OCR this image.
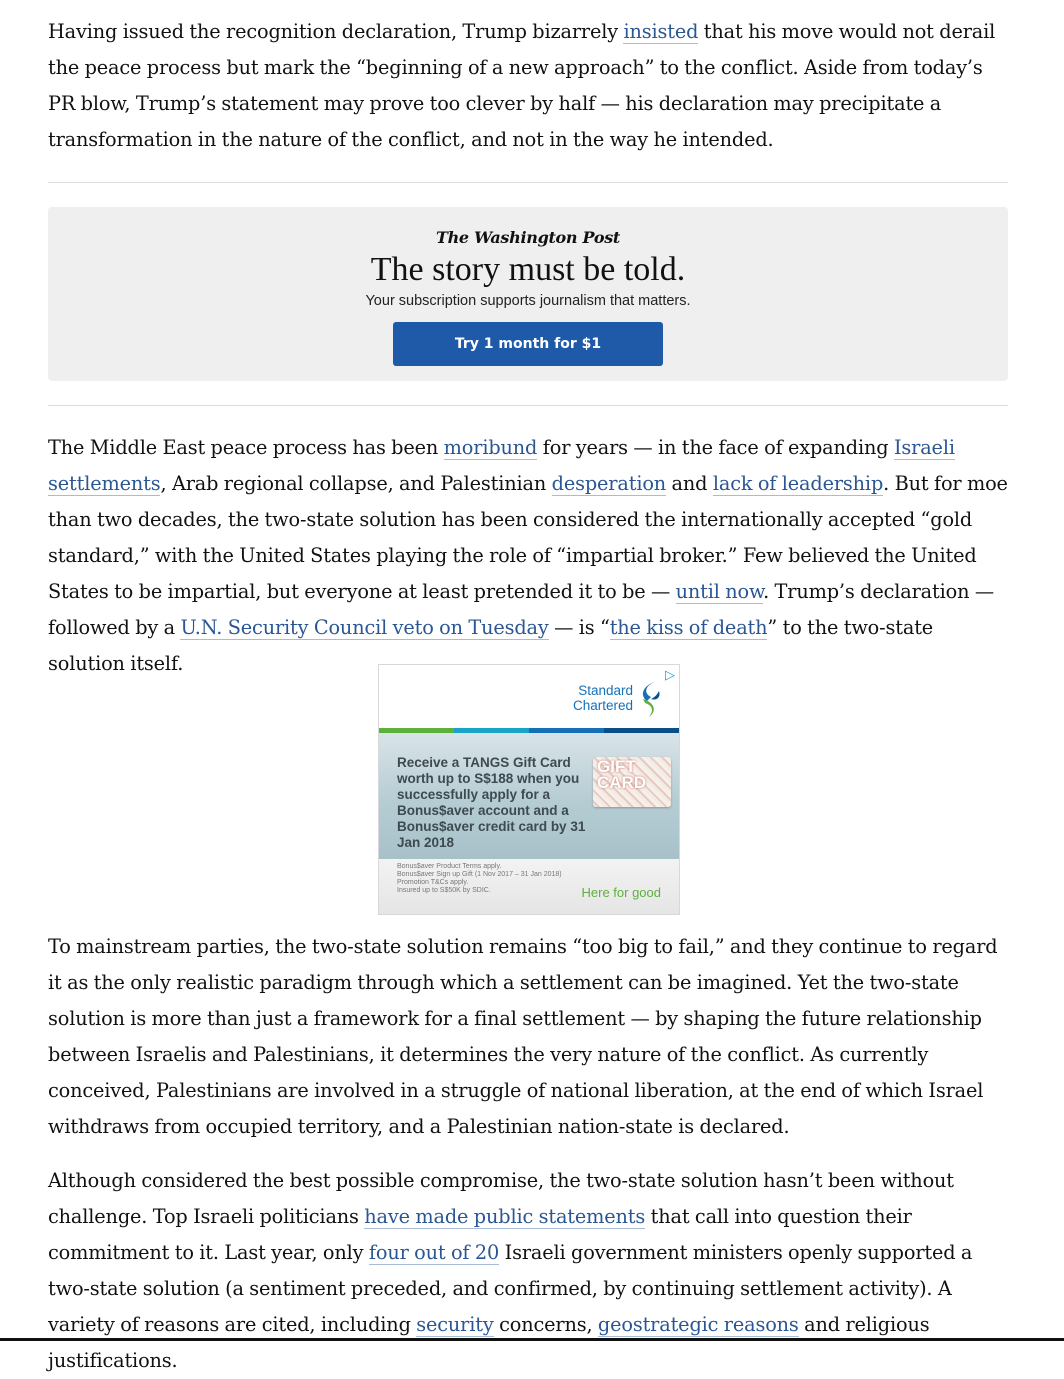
Having issued the recognition declaration, Trump bizarrely insisted that his move would not derail the peace process but mark the “beginning of a new approach” to the conflict. Aside from today’s PR blow, Trump’s statement may prove too clever by half — his declaration may precipitate a transformation in the nature of the conflict, and not in the way he intended.

The Washington Post
The story must be told.
Your subscription supports journalism that matters.
Try 1 month for $1

The Middle East peace process has been moribund for years — in the face of expanding Israeli settlements, Arab regional collapse, and Palestinian desperation and lack of leadership. But for moe than two decades, the two-state solution has been considered the internationally accepted “gold standard,” with the United States playing the role of “impartial broker.” Few believed the United States to be impartial, but everyone at least pretended it to be — until now. Trump’s declaration — followed by a U.N. Security Council veto on Tuesday — is “the kiss of death” to the two-state solution itself.	▷
Standard
Chartered
Receive a TANGS Gift Card worth up to S$188 when you successfully apply for a Bonus$aver account and a Bonus$aver credit card by 31 Jan 2018
GIFT
CARD
Bonus$aver Product Terms apply.
Bonus$aver Sign up Gift (1 Nov 2017 – 31 Jan 2018)
Promotion T&Cs apply.
Insured up to S$50K by SDIC.	Here for good

To mainstream parties, the two-state solution remains “too big to fail,” and they continue to regard it as the only realistic paradigm through which a settlement can be imagined. Yet the two-state solution is more than just a framework for a final settlement — by shaping the future relationship between Israelis and Palestinians, it determines the very nature of the conflict. As currently conceived, Palestinians are involved in a struggle of national liberation, at the end of which Israel withdraws from occupied territory, and a Palestinian nation-state is declared.

Although considered the best possible compromise, the two-state solution hasn’t been without challenge. Top Israeli politicians have made public statements that call into question their commitment to it. Last year, only four out of 20 Israeli government ministers openly supported a two-state solution (a sentiment preceded, and confirmed, by continuing settlement activity). A variety of reasons are cited, including security concerns, geostrategic reasons and religious justifications.
